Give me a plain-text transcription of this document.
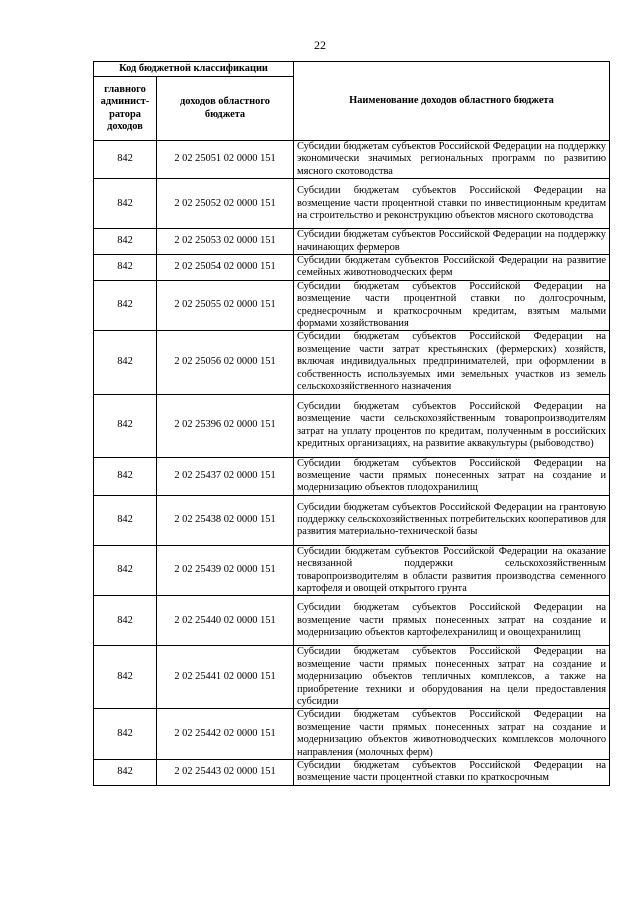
22
Код бюджетной классификации		Наименование доходов областного бюджета
главного админист-ратора доходов	доходов областного бюджета	
842	2 02 25051 02 0000 151	Субсидии бюджетам субъектов Российской Федерации на поддержку экономически значимых региональных программ по развитию мясного скотоводства
842	2 02 25052 02 0000 151	Субсидии бюджетам субъектов Российской Федерации на возмещение части процентной ставки по инвестиционным кредитам на строительство и реконструкцию объектов мясного скотоводства
842	2 02 25053 02 0000 151	Субсидии бюджетам субъектов Российской Федерации на поддержку начинающих фермеров
842	2 02 25054 02 0000 151	Субсидии бюджетам субъектов Российской Федерации на развитие семейных животноводческих ферм
842	2 02 25055 02 0000 151	Субсидии бюджетам субъектов Российской Федерации на возмещение части процентной ставки по долгосрочным, среднесрочным и краткосрочным кредитам, взятым малыми формами хозяйствования
842	2 02 25056 02 0000 151	Субсидии бюджетам субъектов Российской Федерации на возмещение части затрат крестьянских (фермерских) хозяйств, включая индивидуальных предпринимателей, при оформлении в собственность используемых ими земельных участков из земель сельскохозяйственного назначения
842	2 02 25396 02 0000 151	Субсидии бюджетам субъектов Российской Федерации на возмещение части сельскохозяйственным товаропроизводителям затрат на уплату процентов по кредитам, полученным в российских кредитных организациях, на развитие аквакультуры (рыбоводство)
842	2 02 25437 02 0000 151	Субсидии бюджетам субъектов Российской Федерации на возмещение части прямых понесенных затрат на создание и модернизацию объектов плодохранилищ
842	2 02 25438 02 0000 151	Субсидии бюджетам субъектов Российской Федерации на грантовую поддержку сельскохозяйственных потребительских кооперативов для развития материально-технической базы
842	2 02 25439 02 0000 151	Субсидии бюджетам субъектов Российской Федерации на оказание несвязанной поддержки сельскохозяйственным товаропроизводителям в области развития производства семенного картофеля и овощей открытого грунта
842	2 02 25440 02 0000 151	Субсидии бюджетам субъектов Российской Федерации на возмещение части прямых понесенных затрат на создание и модернизацию объектов картофелехранилищ и овощехранилищ
842	2 02 25441 02 0000 151	Субсидии бюджетам субъектов Российской Федерации на возмещение части прямых понесенных затрат на создание и модернизацию объектов тепличных комплексов, а также на приобретение техники и оборудования на цели предоставления субсидии
842	2 02 25442 02 0000 151	Субсидии бюджетам субъектов Российской Федерации на возмещение части прямых понесенных затрат на создание и модернизацию объектов животноводческих комплексов молочного направления (молочных ферм)
842	2 02 25443 02 0000 151	Субсидии бюджетам субъектов Российской Федерации на возмещение части процентной ставки по краткосрочным
